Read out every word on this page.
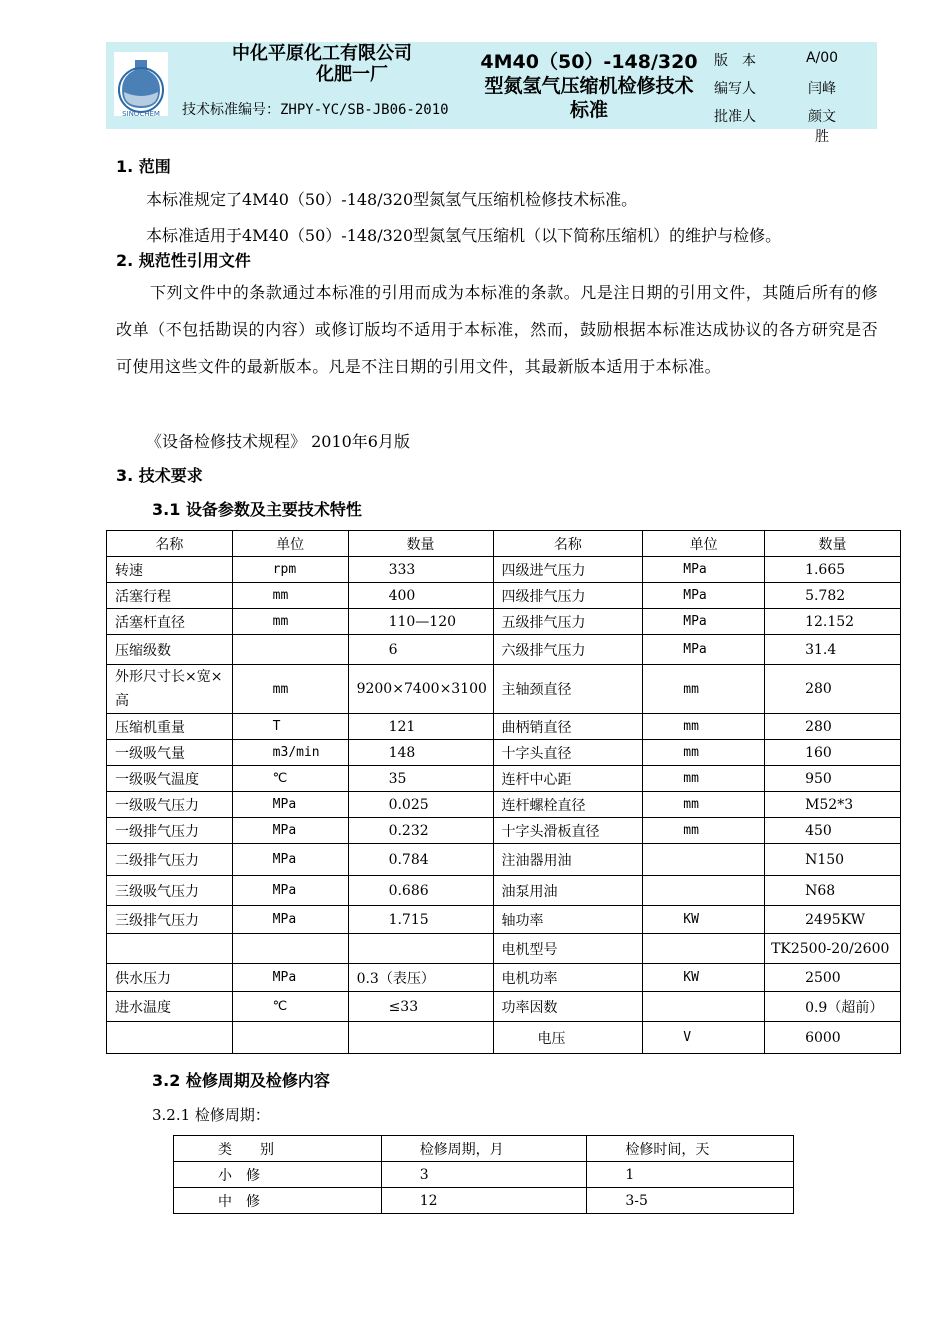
SINOCHEM
中化平原化工有限公司
化肥一厂
技术标准编号：ZHPY-YC/SB-JB06-2010
4M40（50）-148/320型氮氢气压缩机检修技术标准
版　本	A/00
编写人	闫峰
批准人	颜文胜
1. 范围
本标准规定了4M40（50）-148/320型氮氢气压缩机检修技术标准。
本标准适用于4M40（50）-148/320型氮氢气压缩机（以下简称压缩机）的维护与检修。
2. 规范性引用文件
下列文件中的条款通过本标准的引用而成为本标准的条款。凡是注日期的引用文件，其随后所有的修改单（不包括勘误的内容）或修订版均不适用于本标准，然而，鼓励根据本标准达成协议的各方研究是否可使用这些文件的最新版本。凡是不注日期的引用文件，其最新版本适用于本标准。
《设备检修技术规程》 2010年6月版
3. 技术要求
3.1 设备参数及主要技术特性
名称	单位	数量	名称	单位	数量
转速	rpm	333	四级进气压力	MPa	1.665
活塞行程	mm	400	四级排气压力	MPa	5.782
活塞杆直径	mm	110—120	五级排气压力	MPa	12.152
压缩级数		6	六级排气压力	MPa	31.4
外形尺寸长×宽×高	mm	9200×7400×3100	主轴颈直径	mm	280
压缩机重量	T	121	曲柄销直径	mm	280
一级吸气量	m3/min	148	十字头直径	mm	160
一级吸气温度	℃	35	连杆中心距	mm	950
一级吸气压力	MPa	0.025	连杆螺栓直径	mm	M52*3
一级排气压力	MPa	0.232	十字头滑板直径	mm	450
二级排气压力	MPa	0.784	注油器用油		N150
三级吸气压力	MPa	0.686	油泵用油		N68
三级排气压力	MPa	1.715	轴功率	KW	2495KW
			电机型号		TK2500-20/2600
供水压力	MPa	0.3（表压）	电机功率	KW	2500
进水温度	℃	≤33	功率因数		0.9（超前）
			电压	V	6000
3.2 检修周期及检修内容
3.2.1 检修周期：
类　　别	检修周期，月	检修时间，天
小　修	3	1
中　修	12	3-5
